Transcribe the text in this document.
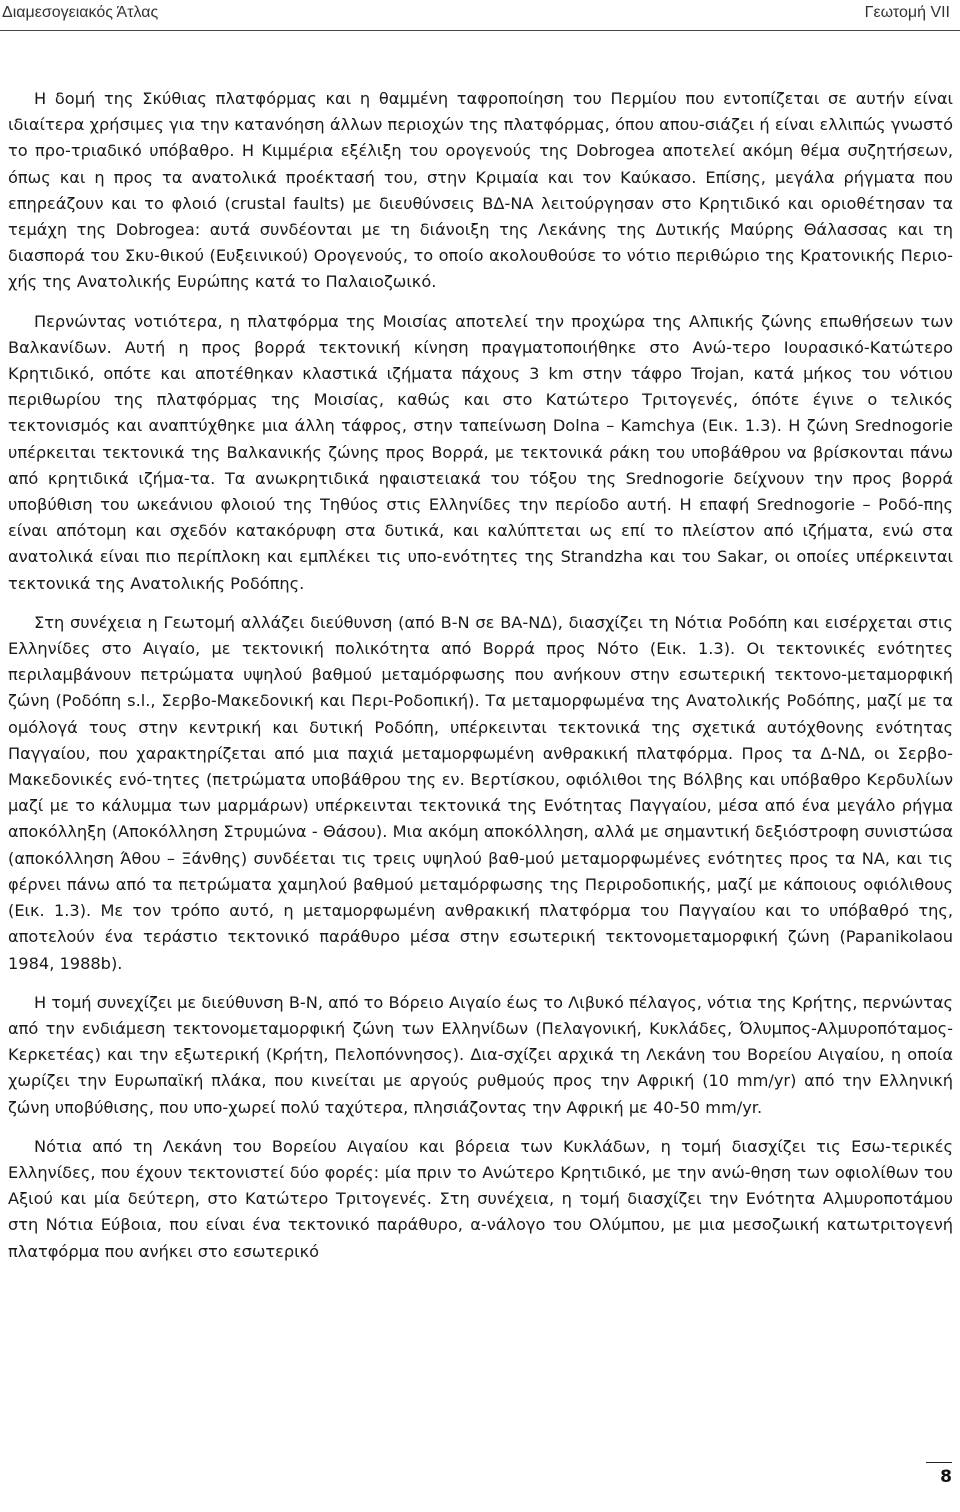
Διαμεσογειακός Άτλας	Γεωτομή VII

Η δομή της Σκύθιας πλατφόρμας και η θαμμένη ταφροποίηση του Περμίου που εντοπίζεται σε αυτήν είναι ιδιαίτερα χρήσιμες για την κατανόηση άλλων περιοχών της πλατφόρμας, όπου απου-σιάζει ή είναι ελλιπώς γνωστό το προ-τριαδικό υπόβαθρο. Η Κιμμέρια εξέλιξη του ορογενούς της Dobrogea αποτελεί ακόμη θέμα συζητήσεων, όπως και η προς τα ανατολικά προέκτασή του, στην Κριμαία και τον Καύκασο. Επίσης, μεγάλα ρήγματα που επηρεάζουν και το φλοιό (crustal faults) με διευθύνσεις ΒΔ-ΝΑ λειτούργησαν στο Κρητιδικό και οριοθέτησαν τα τεμάχη της Dobrogea: αυτά συνδέονται με τη διάνοιξη της Λεκάνης της Δυτικής Μαύρης Θάλασσας και τη διασπορά του Σκυ-θικού (Ευξεινικού) Ορογενούς, το οποίο ακολουθούσε το νότιο περιθώριο της Κρατονικής Περιο-χής της Ανατολικής Ευρώπης κατά το Παλαιοζωικό.

Περνώντας νοτιότερα, η πλατφόρμα της Μοισίας αποτελεί την προχώρα της Αλπικής ζώνης επωθήσεων των Βαλκανίδων. Αυτή η προς βορρά τεκτονική κίνηση πραγματοποιήθηκε στο Ανώ-τερο Ιουρασικό-Κατώτερο Κρητιδικό, οπότε και αποτέθηκαν κλαστικά ιζήματα πάχους 3 km στην τάφρο Trojan, κατά μήκος του νότιου περιθωρίου της πλατφόρμας της Μοισίας, καθώς και στο Κατώτερο Τριτογενές, όπότε έγινε ο τελικός τεκτονισμός και αναπτύχθηκε μια άλλη τάφρος, στην ταπείνωση Dolna – Kamchya (Εικ. 1.3). Η ζώνη Srednogorie υπέρκειται τεκτονικά της Βαλκανικής ζώνης προς Βορρά, με τεκτονικά ράκη του υποβάθρου να βρίσκονται πάνω από κρητιδικά ιζήμα-τα. Τα ανωκρητιδικά ηφαιστειακά του τόξου της Srednogorie δείχνουν την προς βορρά υποβύθιση του ωκεάνιου φλοιού της Τηθύος στις Ελληνίδες την περίοδο αυτή. Η επαφή Srednogorie – Ροδό-πης είναι απότομη και σχεδόν κατακόρυφη στα δυτικά, και καλύπτεται ως επί το πλείστον από ιζήματα, ενώ στα ανατολικά είναι πιο περίπλοκη και εμπλέκει τις υπο-ενότητες της Strandzha και του Sakar, οι οποίες υπέρκεινται τεκτονικά της Ανατολικής Ροδόπης.

Στη συνέχεια η Γεωτομή αλλάζει διεύθυνση (από Β-Ν σε ΒΑ-ΝΔ), διασχίζει τη Νότια Ροδόπη και εισέρχεται στις Ελληνίδες στο Αιγαίο, με τεκτονική πολικότητα από Βορρά προς Νότο (Εικ. 1.3). Οι τεκτονικές ενότητες περιλαμβάνουν πετρώματα υψηλού βαθμού μεταμόρφωσης που ανήκουν στην εσωτερική τεκτονο-μεταμορφική ζώνη (Ροδόπη s.l., Σερβο-Μακεδονική και Περι-Ροδοπική). Τα μεταμορφωμένα της Ανατολικής Ροδόπης, μαζί με τα ομόλογά τους στην κεντρική και δυτική Ροδόπη, υπέρκεινται τεκτονικά της σχετικά αυτόχθονης ενότητας Παγγαίου, που χαρακτηρίζεται από μια παχιά μεταμορφωμένη ανθρακική πλατφόρμα. Προς τα Δ-ΝΔ, οι Σερβο-Μακεδονικές ενό-τητες (πετρώματα υποβάθρου της εν. Βερτίσκου, οφιόλιθοι της Βόλβης και υπόβαθρο Κερδυλίων μαζί με το κάλυμμα των μαρμάρων) υπέρκεινται τεκτονικά της Ενότητας Παγγαίου, μέσα από ένα μεγάλο ρήγμα αποκόλληξη (Αποκόλληση Στρυμώνα - Θάσου). Μια ακόμη αποκόλληση, αλλά με σημαντική δεξιόστροφη συνιστώσα (αποκόλληση Άθου – Ξάνθης) συνδέεται τις τρεις υψηλού βαθ-μού μεταμορφωμένες ενότητες προς τα ΝΑ, και τις φέρνει πάνω από τα πετρώματα χαμηλού βαθμού μεταμόρφωσης της Περιροδοπικής, μαζί με κάποιους οφιόλιθους (Εικ. 1.3). Με τον τρόπο αυτό, η μεταμορφωμένη ανθρακική πλατφόρμα του Παγγαίου και το υπόβαθρό της, αποτελούν ένα τεράστιο τεκτονικό παράθυρο μέσα στην εσωτερική τεκτονομεταμορφική ζώνη (Papanikolaou 1984, 1988b).

Η τομή συνεχίζει με διεύθυνση Β-Ν, από το Βόρειο Αιγαίο έως το Λιβυκό πέλαγος, νότια της Κρήτης, περνώντας από την ενδιάμεση τεκτονομεταμορφική ζώνη των Ελληνίδων (Πελαγονική, Κυκλάδες, Όλυμπος-Αλμυροπόταμος- Κερκετέας) και την εξωτερική (Κρήτη, Πελοπόννησος). Δια-σχίζει αρχικά τη Λεκάνη του Βορείου Αιγαίου, η οποία χωρίζει την Ευρωπαϊκή πλάκα, που κινείται με αργούς ρυθμούς προς την Αφρική (10 mm/yr) από την Ελληνική ζώνη υποβύθισης, που υπο-χωρεί πολύ ταχύτερα, πλησιάζοντας την Αφρική με 40-50 mm/yr.

Νότια από τη Λεκάνη του Βορείου Αιγαίου και βόρεια των Κυκλάδων, η τομή διασχίζει τις Εσω-τερικές Ελληνίδες, που έχουν τεκτονιστεί δύο φορές: μία πριν το Ανώτερο Κρητιδικό, με την ανώ-θηση των οφιολίθων του Αξιού και μία δεύτερη, στο Κατώτερο Τριτογενές. Στη συνέχεια, η τομή διασχίζει την Ενότητα Αλμυροποτάμου στη Νότια Εύβοια, που είναι ένα τεκτονικό παράθυρο, α-νάλογο του Ολύμπου, με μια μεσοζωική κατωτριτογενή πλατφόρμα που ανήκει στο εσωτερικό

8
